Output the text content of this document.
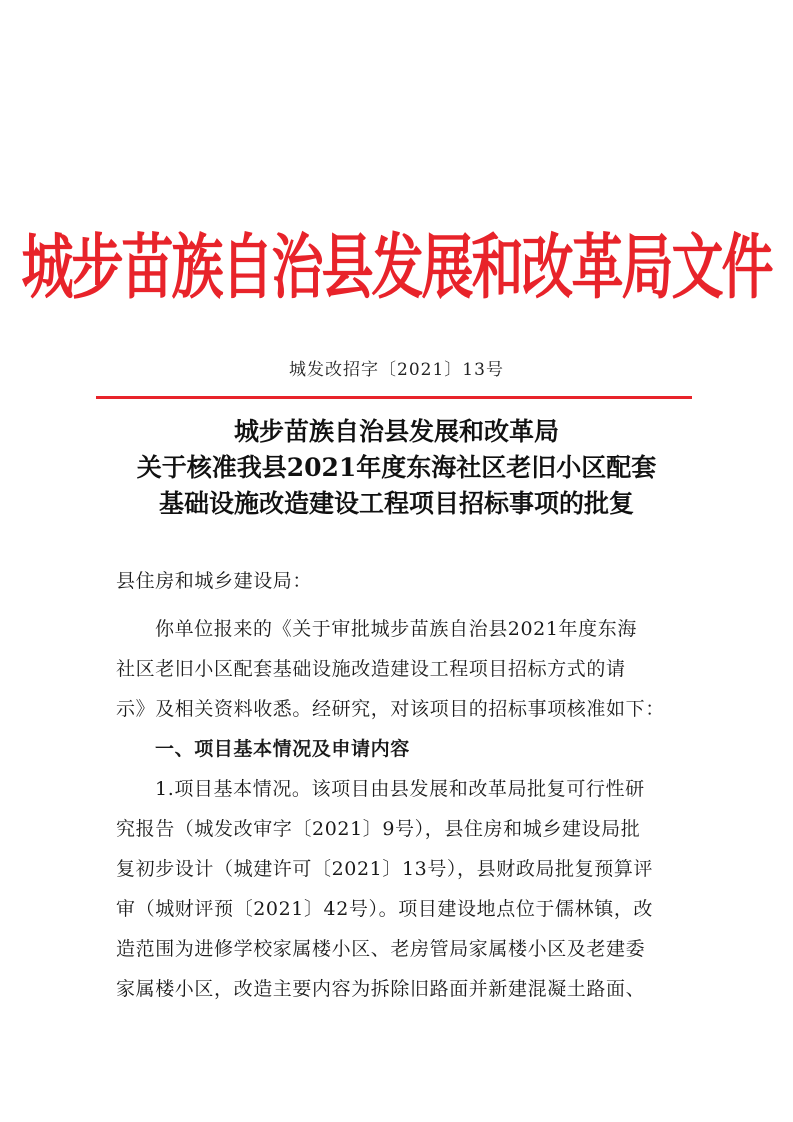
城步苗族自治县发展和改革局文件
城发改招字〔2021〕13号
城步苗族自治县发展和改革局
关于核准我县2021年度东海社区老旧小区配套
基础设施改造建设工程项目招标事项的批复
县住房和城乡建设局：
你单位报来的《关于审批城步苗族自治县2021年度东海
社区老旧小区配套基础设施改造建设工程项目招标方式的请
示》及相关资料收悉。经研究，对该项目的招标事项核准如下：
一、项目基本情况及申请内容
1.项目基本情况。该项目由县发展和改革局批复可行性研
究报告（城发改审字〔2021〕9号），县住房和城乡建设局批
复初步设计（城建许可〔2021〕13号），县财政局批复预算评
审（城财评预〔2021〕42号）。项目建设地点位于儒林镇，改
造范围为进修学校家属楼小区、老房管局家属楼小区及老建委
家属楼小区，改造主要内容为拆除旧路面并新建混凝土路面、
